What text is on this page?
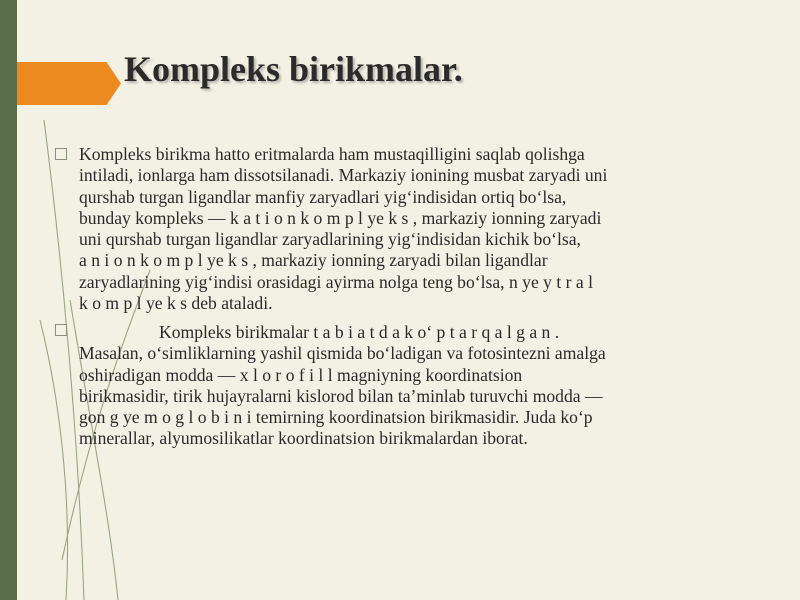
Kompleks birikmalar.
Kompleks birikma hatto eritmalarda ham mustaqilligini saqlab qolishga
intiladi, ionlarga ham dissotsilanadi. Markaziy ionining musbat zaryadi uni
qurshab turgan ligandlar manfiy zaryadlari yig‘indisidan ortiq bo‘lsa,
bunday kompleks — k a t i o n k o m p l ye k s , markaziy ionning zaryadi
uni qurshab turgan ligandlar zaryadlarining yig‘indisidan kichik bo‘lsa,
a n i o n k o m p l ye k s , markaziy ionning zaryadi bilan ligandlar
zaryadlarining yig‘indisi orasidagi ayirma nolga teng bo‘lsa, n ye y t r a l
k o m p l ye k s deb ataladi.
Kompleks birikmalar t a b i a t d a k o‘ p t a r q a l g a n .
Masalan, o‘simliklarning yashil qismida bo‘ladigan va fotosintezni amalga
oshiradigan modda — x l o r o f i l l magniyning koordinatsion
birikmasidir, tirik hujayralarni kislorod bilan ta’minlab turuvchi modda —
gon g ye m o g l o b i n i temirning koordinatsion birikmasidir. Juda ko‘p
minerallar, alyumosilikatlar koordinatsion birikmalardan iborat.
